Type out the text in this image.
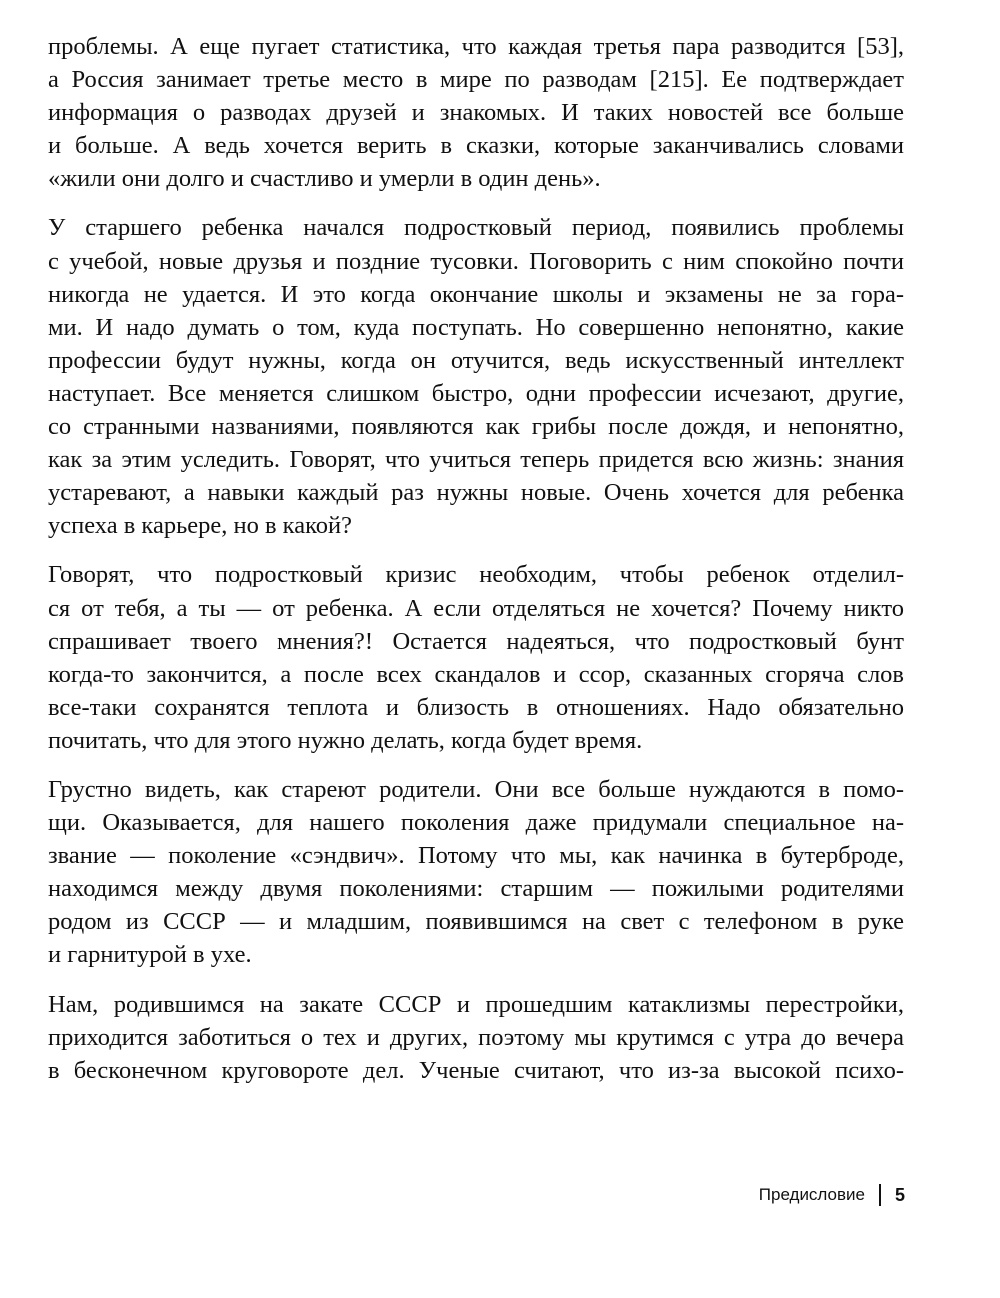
проблемы. А еще пугает статистика, что каждая третья пара разводится [53],
а Россия занимает третье место в мире по разводам [215]. Ее подтверждает
информация о разводах друзей и знакомых. И таких новостей все больше
и больше. А ведь хочется верить в сказки, которые заканчивались словами
«жили они долго и счастливо и умерли в один день».

У старшего ребенка начался подростковый период, появились проблемы
с учебой, новые друзья и поздние тусовки. Поговорить с ним спокойно почти
никогда не удается. И это когда окончание школы и экзамены не за гора-
ми. И надо думать о том, куда поступать. Но совершенно непонятно, какие
профессии будут нужны, когда он отучится, ведь искусственный интеллект
наступает. Все меняется слишком быстро, одни профессии исчезают, другие,
со странными названиями, появляются как грибы после дождя, и непонятно,
как за этим уследить. Говорят, что учиться теперь придется всю жизнь: знания
устаревают, а навыки каждый раз нужны новые. Очень хочется для ребенка
успеха в карьере, но в какой?

Говорят, что подростковый кризис необходим, чтобы ребенок отделил-
ся от тебя, а ты — от ребенка. А если отделяться не хочется? Почему никто
спрашивает твоего мнения?! Остается надеяться, что подростковый бунт
когда-то закончится, а после всех скандалов и ссор, сказанных сгоряча слов
все-таки сохранятся теплота и близость в отношениях. Надо обязательно
почитать, что для этого нужно делать, когда будет время.

Грустно видеть, как стареют родители. Они все больше нуждаются в помо-
щи. Оказывается, для нашего поколения даже придумали специальное на-
звание — поколение «сэндвич». Потому что мы, как начинка в бутерброде,
находимся между двумя поколениями: старшим — пожилыми родителями
родом из СССР — и младшим, появившимся на свет с телефоном в руке
и гарнитурой в ухе.

Нам, родившимся на закате СССР и прошедшим катаклизмы перестройки,
приходится заботиться о тех и других, поэтому мы крутимся с утра до вечера
в бесконечном круговороте дел. Ученые считают, что из-за высокой психо-

Предисловие 5
